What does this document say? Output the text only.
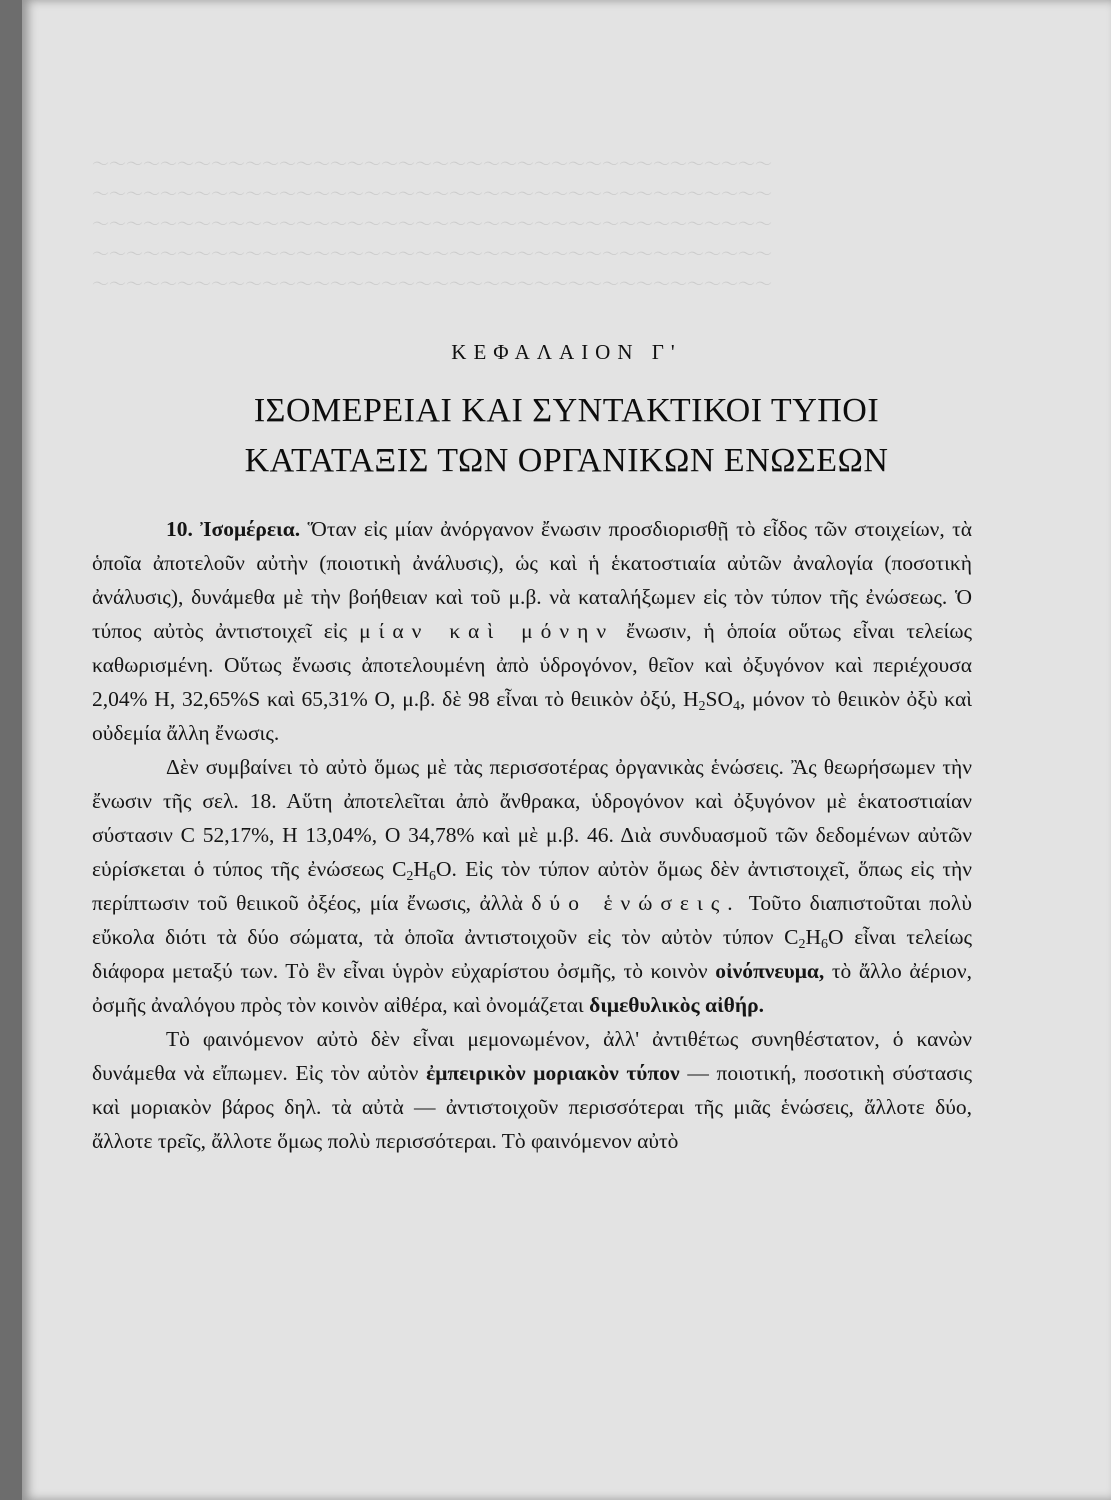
～～～～～～～～～～～～～～～～～～～～～～～～～～～～～～～～～～～～～～～～
～～～～～～～～～～～～～～～～～～～～～～～～～～～～～～～～～～～～～～～～
～～～～～～～～～～～～～～～～～～～～～～～～～～～～～～～～～～～～～～～～
～～～～～～～～～～～～～～～～～～～～～～～～～～～～～～～～～～～～～～～～
～～～～～～～～～～～～～～～～～～～～～～～～～～～～～～～～～～～～～～～～
ΚΕΦΑΛΑΙΟΝ Γ'
ΙΣΟΜΕΡΕΙΑΙ ΚΑΙ ΣΥΝΤΑΚΤΙΚΟΙ ΤΥΠΟΙ
ΚΑΤΑΤΑΞΙΣ ΤΩΝ ΟΡΓΑΝΙΚΩΝ ΕΝΩΣΕΩΝ

10. Ἰσομέρεια. Ὅταν εἰς μίαν ἀνόργανον ἔνωσιν προσδιορισθῇ τὸ εἶδος τῶν στοιχείων, τὰ ὁποῖα ἀποτελοῦν αὐτὴν (ποιοτικὴ ἀνάλυσις), ὡς καὶ ἡ ἑκατοστιαία αὐτῶν ἀναλογία (ποσοτικὴ ἀνάλυσις), δυνάμεθα μὲ τὴν βοήθειαν καὶ τοῦ μ.β. νὰ καταλήξωμεν εἰς τὸν τύπον τῆς ἐνώσεως. Ὁ τύπος αὐτὸς ἀντιστοιχεῖ εἰς μίαν καὶ μόνην ἔνωσιν, ἡ ὁποία οὕτως εἶναι τελείως καθωρισμένη. Οὕτως ἔνωσις ἀποτελουμένη ἀπὸ ὑδρογόνον, θεῖον καὶ ὀξυγόνον καὶ περιέχουσα 2,04% H, 32,65%S καὶ 65,31% O, μ.β. δὲ 98 εἶναι τὸ θειικὸν ὀξύ, $H_2SO_4$, μόνον τὸ θειικὸν ὀξὺ καὶ οὐδεμία ἄλλη ἔνωσις.

Δὲν συμβαίνει τὸ αὐτὸ ὅμως μὲ τὰς περισσοτέρας ὀργανικὰς ἑνώσεις. Ἂς θεωρήσωμεν τὴν ἔνωσιν τῆς σελ. 18. Αὕτη ἀποτελεῖται ἀπὸ ἄνθρακα, ὑδρογόνον καὶ ὀξυγόνον μὲ ἑκατοστιαίαν σύστασιν C 52,17%, H 13,04%, O 34,78% καὶ μὲ μ.β. 46. Διὰ συνδυασμοῦ τῶν δεδομένων αὐτῶν εὑρίσκεται ὁ τύπος τῆς ἐνώσεως $C_2H_6O$. Εἰς τὸν τύπον αὐτὸν ὅμως δὲν ἀντιστοιχεῖ, ὅπως εἰς τὴν περίπτωσιν τοῦ θειικοῦ ὀξέος, μία ἔνωσις, ἀλλὰ δύο ἑνώσεις. Τοῦτο διαπιστοῦται πολὺ εὔκολα διότι τὰ δύο σώματα, τὰ ὁποῖα ἀντιστοιχοῦν εἰς τὸν αὐτὸν τύπον $C_2H_6O$ εἶναι τελείως διάφορα μεταξύ των. Τὸ ἓν εἶναι ὑγρὸν εὐχαρίστου ὀσμῆς, τὸ κοινὸν οἰνόπνευμα, τὸ ἄλλο ἀέριον, ὀσμῆς ἀναλόγου πρὸς τὸν κοινὸν αἰθέρα, καὶ ὀνομάζεται διμεθυλικὸς αἰθήρ.

Τὸ φαινόμενον αὐτὸ δὲν εἶναι μεμονωμένον, ἀλλ' ἀντιθέτως συνηθέστατον, ὁ κανὼν δυνάμεθα νὰ εἴπωμεν. Εἰς τὸν αὐτὸν ἐμπειρικὸν μοριακὸν τύπον — ποιοτική, ποσοτικὴ σύστασις καὶ μοριακὸν βάρος δηλ. τὰ αὐτὰ — ἀντιστοιχοῦν περισσότεραι τῆς μιᾶς ἑνώσεις, ἄλλοτε δύο, ἄλλοτε τρεῖς, ἄλλοτε ὅμως πολὺ περισσότεραι. Τὸ φαινόμενον αὐτὸ
